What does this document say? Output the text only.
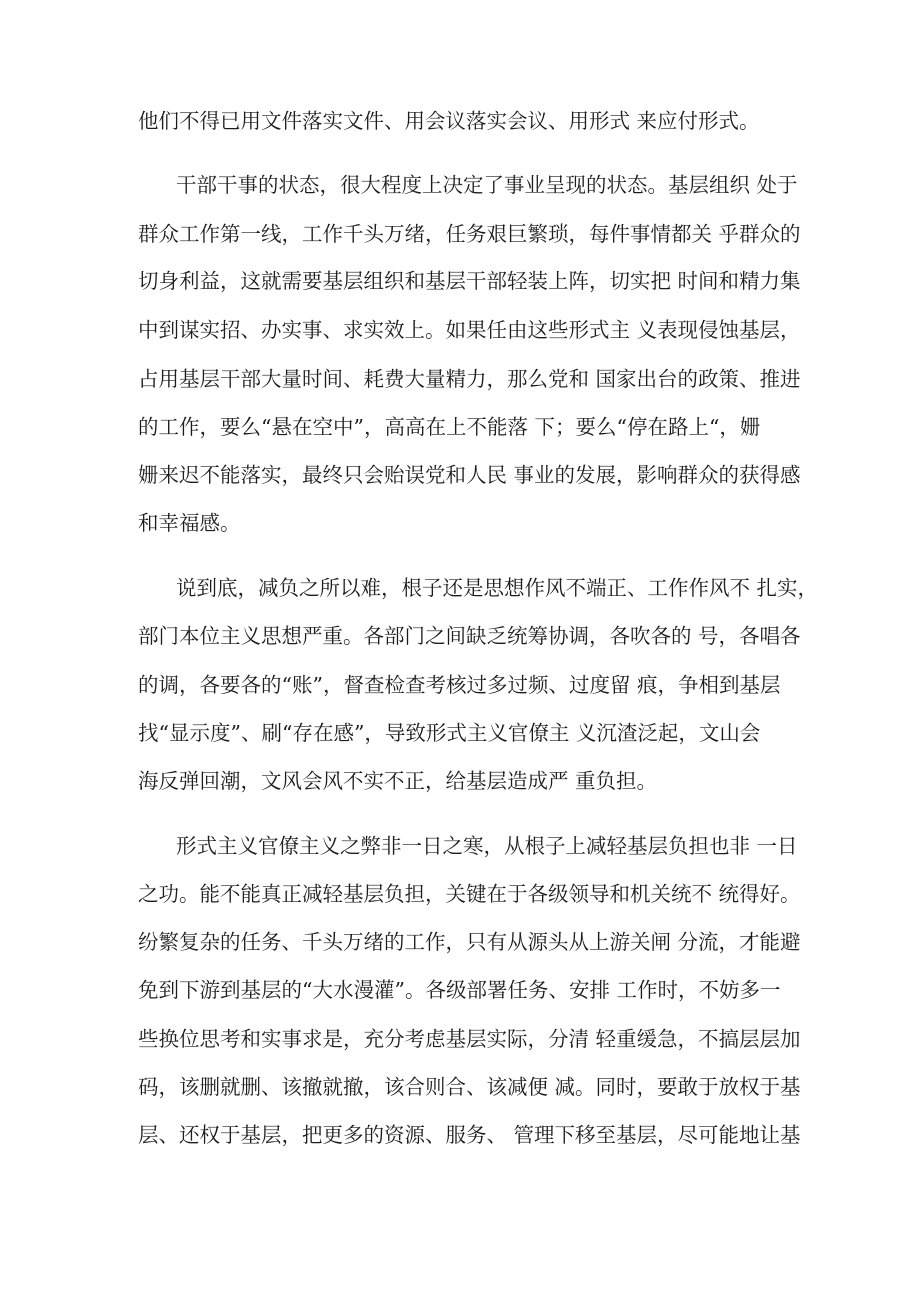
他们不得已用文件落实文件、用会议落实会议、用形式 来应付形式。

干部干事的状态，很大程度上决定了事业呈现的状态。基层组织 处于

群众工作第一线，工作千头万绪，任务艰巨繁琐，每件事情都关 乎群众的

切身利益，这就需要基层组织和基层干部轻装上阵，切实把 时间和精力集

中到谋实招、办实事、求实效上。如果任由这些形式主 义表现侵蚀基层，

占用基层干部大量时间、耗费大量精力，那么党和 国家出台的政策、推进

的工作，要么“悬在空中”，高高在上不能落 下；要么“停在路上“，姗

姗来迟不能落实，最终只会贻误党和人民 事业的发展，影响群众的获得感

和幸福感。

说到底，减负之所以难，根子还是思想作风不端正、工作作风不 扎实，

部门本位主义思想严重。各部门之间缺乏统筹协调，各吹各的 号，各唱各

的调，各要各的“账”，督查检查考核过多过频、过度留 痕，争相到基层

找“显示度”、刷“存在感”，导致形式主义官僚主 义沉渣泛起，文山会

海反弹回潮，文风会风不实不正，给基层造成严 重负担。

形式主义官僚主义之弊非一日之寒，从根子上减轻基层负担也非 一日

之功。能不能真正减轻基层负担，关键在于各级领导和机关统不 统得好。

纷繁复杂的任务、千头万绪的工作，只有从源头从上游关闸 分流，才能避

免到下游到基层的“大水漫灌”。各级部署任务、安排 工作时，不妨多一

些换位思考和实事求是，充分考虑基层实际，分清 轻重缓急，不搞层层加

码，该删就删、该撤就撤，该合则合、该减便 减。同时，要敢于放权于基

层、还权于基层，把更多的资源、服务、 管理下移至基层，尽可能地让基
